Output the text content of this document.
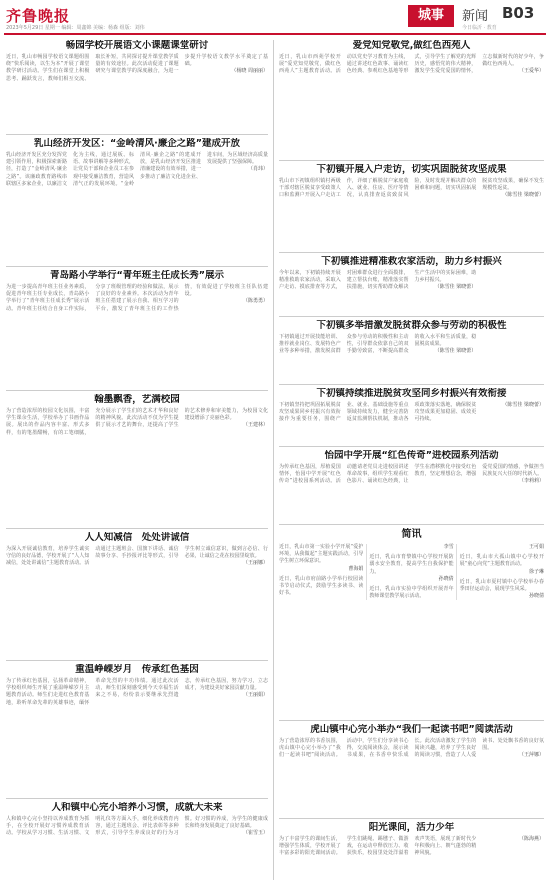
齐鲁晚报
2023年5月29日 星期一 编辑：周鑫锦 美编：杨森 组版：刘伟
城事	新闻 B03
今日临沂 · 教育
畅园学校开展语文小课题课堂研讨
近日，乳山市畅园学校语文课题组围绕“快乐阅读，以生为本”开展了课堂教学研讨活动。学生们在课堂上积极思考、踊跃发言，教师们相互交流、取长补短，共同探讨提升课堂教学质量的有效途径。此次活动促进了课题研究与课堂教学的深度融合，为进一步提升学校语文教学水平奠定了基础。
（杨晓 周丽丽）
乳山经济开发区：“金岭清风·廉企之路”建成开放
乳山经济开发区充分发挥党建引领作用，积极探索新路径，打造了“金岭清风·廉企之路”。该廉政教育路线串联辖区多家企业，以廉洁文化为主线，通过展板、标语、故事讲解等多种形式，让党员干部和企业员工在参观中接受廉洁教育，营造风清气正的发展环境。“金岭清风·廉企之路”的建成开放，是乳山经济开发区推进清廉建设的有效举措，进一步推动了廉洁文化进企业、进车间，为区域经济高质量发展提供了坚强保障。
（肖玮）
青岛路小学举行“青年班主任成长秀”展示
为进一步提高青年班主任业务素质，促进青年班主任专业成长，青岛路小学举行了“青年班主任成长秀”展示活动。青年班主任结合自身工作实际，分享了班级管理的经验和做法，展示了良好的专业素养。本次活动为青年班主任搭建了展示自我、相互学习的平台，激发了青年班主任的工作热情，有效促进了学校班主任队伍建设。
（陈勇勇）
翰墨飘香，艺满校园
为了营造浓厚的校园文化氛围，丰富学生课余生活，学校举办了书画作品展。展出的作品内容丰富、形式多样，有的笔墨酣畅，有的工笔细腻，充分展示了学生们的艺术才华和良好的精神风貌。此次活动不仅为学生提供了展示才艺的舞台，还提高了学生的艺术修养和审美能力，为校园文化建设增添了亮丽色彩。
（王建林）
人人知减信　处处讲诚信
为深入开展诚信教育，培养学生诚实守信的良好品德，学校开展了“人人知减信，处处讲诚信”主题教育活动。活动通过主题班会、国旗下讲话、诚信故事分享、手抄报评比等形式，引导学生树立诚信意识，做到言必信、行必果，让诚信之花在校园里绽放。
（王丽娜）
重温峥嵘岁月　传承红色基因
为了传承红色基因，弘扬革命精神，学校组织师生开展了重温峥嵘岁月主题教育活动。师生们走进红色教育基地，聆听革命先辈的英雄事迹，缅怀革命先烈的丰功伟绩。通过此次活动，师生们深刻感受到今天幸福生活来之不易，纷纷表示要继承先烈遗志，传承红色基因，努力学习，立志成才，为建设美好家园贡献力量。
（王丽娟）
人和镇中心完小培养小习惯，成就大未来
人和镇中心完小坚持以养成教育为抓手，在全校开展好习惯养成教育活动。学校从学习习惯、生活习惯、文明礼仪等方面入手，细化养成教育内容，通过主题班会、评比表彰等多种形式，引导学生养成良好的行为习惯。好习惯的养成，为学生的健康成长和终身发展奠定了良好基础。
（崔雪玉）
爱党知党敬党,做红色西苑人
近日，乳山市西苑学校开展“爱党知党敬党，做红色西苑人”主题教育活动。活动以党史学习教育为主线，通过讲述红色故事、诵读红色经典、参观红色基地等形式，引导学生了解党的光辉历史，感悟党的伟大精神，激发学生爱党爱国的情怀，立志做新时代的好少年，争做红色西苑人。
（王爱华）
下初镇开展入户走访，切实巩固脱贫攻坚成果
乳山市下初镇组织镇村两级干部对辖区脱贫享受政策人口和监测户开展入户走访工作，详细了解脱贫户家庭收入、就业、住房、医疗等情况，认真排查返贫致贫风险，及时发现并解决群众的困难和问题，切实巩固拓展脱贫攻坚成果，确保不发生规模性返贫。
（陈雪佳 梁晓蕾）
下初镇推进精准救农家活动，助力乡村振兴
今年以来，下初镇持续开展精准救助农家活动，采取入户走访、摸底排查等方式，对困难群众进行全面摸排，建立帮扶台账，精准落实帮扶措施，切实帮助群众解决生产生活中的实际困难，助力乡村振兴。
（陈雪佳 梁晓蕾）
下初镇多举措激发脱贫群众参与劳动的积极性
下初镇通过开展技能培训、推荐就业岗位、发展特色产业等多种举措，激发脱贫群众参与劳动的积极性和主动性，引导群众依靠自己的双手勤劳致富，不断提高群众的收入水平和生活质量，稳固脱贫成果。
（陈雪佳 梁晓蕾）
下初镇持续推进脱贫攻坚同乡村振兴有效衔接
下初镇坚持把巩固拓展脱贫攻坚成果同乡村振兴有效衔接作为重要任务，围绕产业、就业、基础设施等重点领域持续发力，健全完善防返贫监测帮扶机制，推动各项政策落实落地，确保脱贫攻坚成果更加稳固、成效更可持续。
（陈雪佳 梁晓蕾）
怡园中学开展“红色传奇”进校园系列活动
为传承红色基因，厚植爱国情怀，怡园中学开展“红色传奇”进校园系列活动。活动邀请老党员走进校园讲述革命故事，组织学生观看红色影片、诵读红色经典，让学生在潜移默化中接受红色教育，坚定理想信念，增强爱党爱国的情感，争做担当民族复兴大任的时代新人。
（李莉莉）
简讯
近日，乳山市第一实验小学开展“爱护环境，从我做起”主题实践活动，引导学生树立环保意识。
曹海娟
近日，乳山市府前路小学举行校园读书节启动仪式，鼓励学生多读书、读好书。
李雪
近日，乳山市育黎镇中心学校开展防溺水安全教育，提高学生自我保护能力。
孙晓倩
近日，乳山市实验中学组织开展青年教师课堂教学展示活动。
王可娟
近日，乳山市大孤山镇中心学校开展“童心向党”主题教育活动。
徐子琳
近日，乳山市夏村镇中心学校举办春季田径运动会，展现学生风采。
孙晓倩
虎山镇中心完小举办“我们一起读书吧”阅读活动
为了营造浓厚的书香氛围，虎山镇中心完小举办了“我们一起读书吧”阅读活动。活动中，学生们分享读书心得，交流阅读体会，展示读书成果，在书香中快乐成长。此次活动激发了学生的阅读兴趣，培养了学生良好的阅读习惯，营造了人人爱读书、处处飘书香的良好氛围。
（王萍娜）
阳光课间，活力少年
为了丰富学生的课间生活，增强学生体质，学校开展了丰富多彩的阳光课间活动。学生们跳绳、踢毽子、做游戏，在运动中释放压力、收获快乐，校园里处处洋溢着欢声笑语，展现了新时代少年积极向上、朝气蓬勃的精神风貌。
（陈海燕）
